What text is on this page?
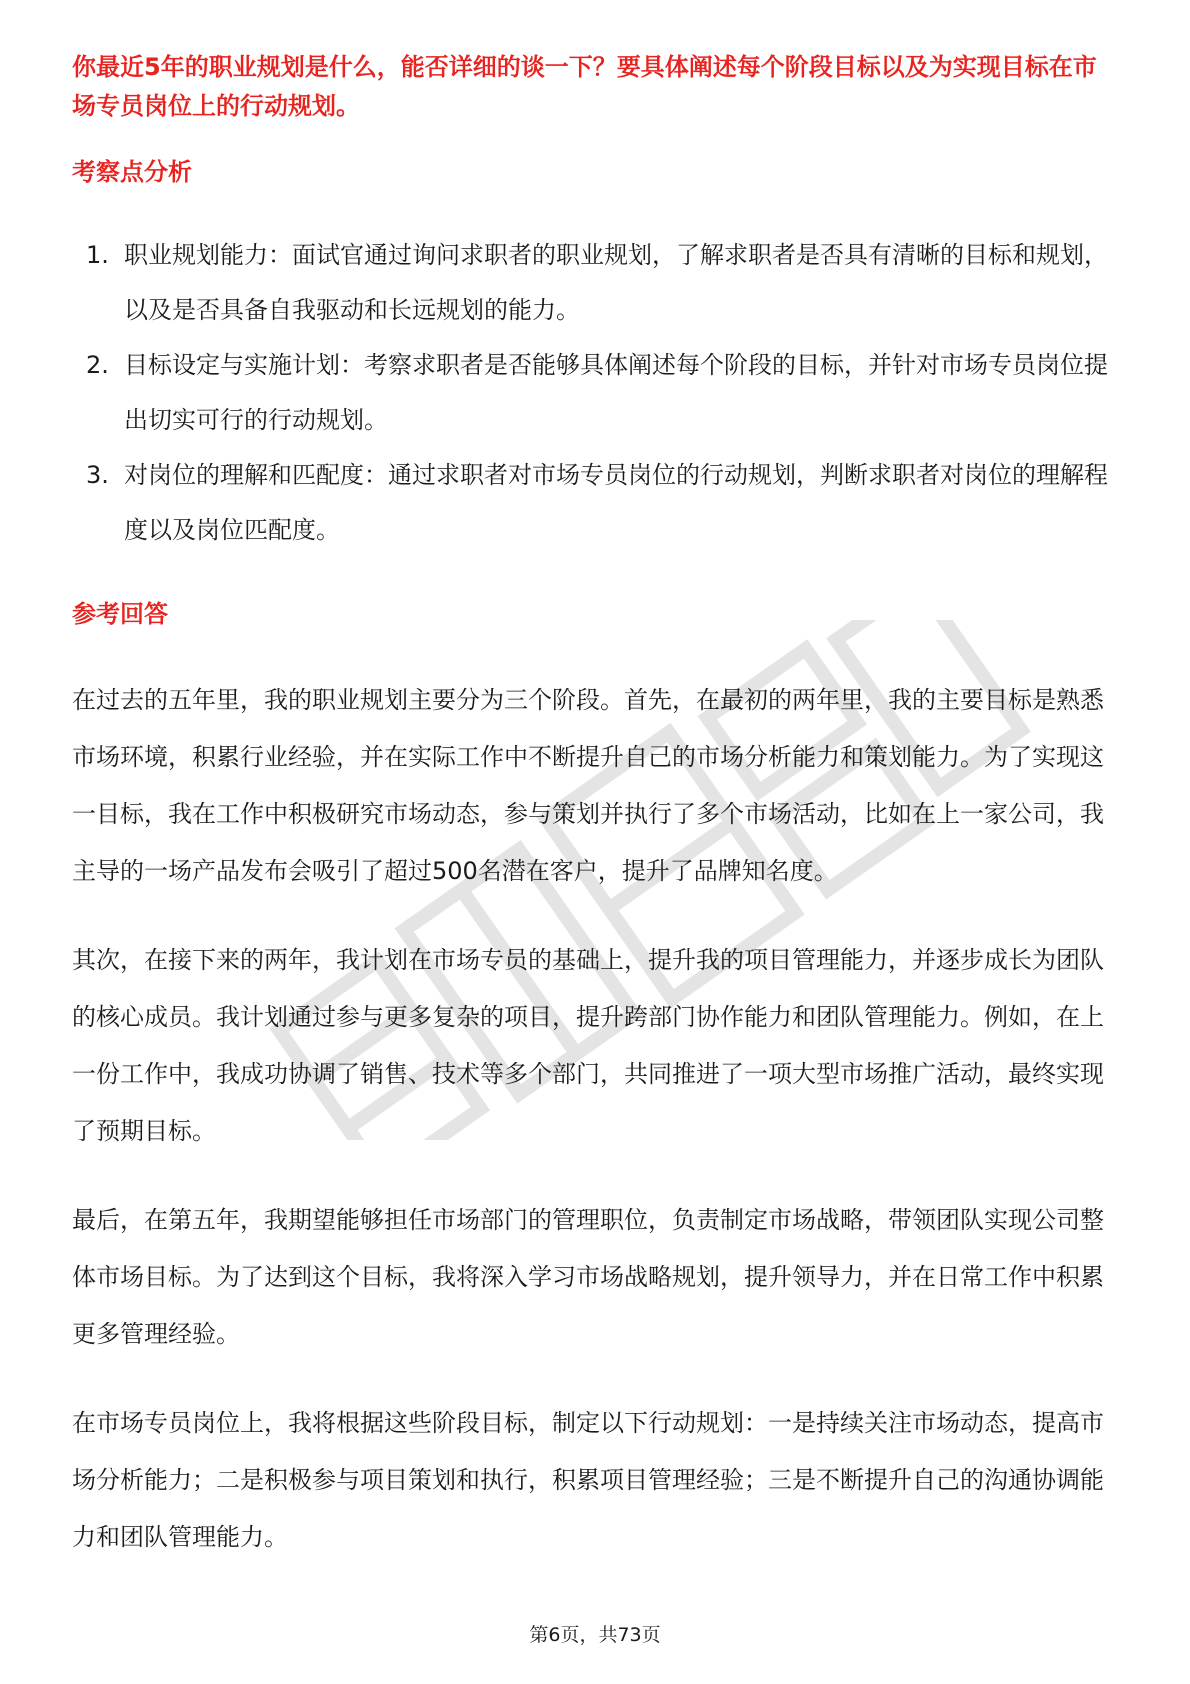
你最近5年的职业规划是什么，能否详细的谈一下？要具体阐述每个阶段目标以及为实现目标在市场专员岗位上的行动规划。

考察点分析
1. 职业规划能力：面试官通过询问求职者的职业规划，了解求职者是否具有清晰的目标和规划，以及是否具备自我驱动和长远规划的能力。
2. 目标设定与实施计划：考察求职者是否能够具体阐述每个阶段的目标，并针对市场专员岗位提出切实可行的行动规划。
3. 对岗位的理解和匹配度：通过求职者对市场专员岗位的行动规划，判断求职者对岗位的理解程度以及岗位匹配度。
参考回答

在过去的五年里，我的职业规划主要分为三个阶段。首先，在最初的两年里，我的主要目标是熟悉市场环境，积累行业经验，并在实际工作中不断提升自己的市场分析能力和策划能力。为了实现这一目标，我在工作中积极研究市场动态，参与策划并执行了多个市场活动，比如在上一家公司，我主导的一场产品发布会吸引了超过500名潜在客户，提升了品牌知名度。

其次，在接下来的两年，我计划在市场专员的基础上，提升我的项目管理能力，并逐步成长为团队的核心成员。我计划通过参与更多复杂的项目，提升跨部门协作能力和团队管理能力。例如，在上一份工作中，我成功协调了销售、技术等多个部门，共同推进了一项大型市场推广活动，最终实现了预期目标。

最后，在第五年，我期望能够担任市场部门的管理职位，负责制定市场战略，带领团队实现公司整体市场目标。为了达到这个目标，我将深入学习市场战略规划，提升领导力，并在日常工作中积累更多管理经验。

在市场专员岗位上，我将根据这些阶段目标，制定以下行动规划：一是持续关注市场动态，提高市场分析能力；二是积极参与项目策划和执行，积累项目管理经验；三是不断提升自己的沟通协调能力和团队管理能力。

第6页，共73页
